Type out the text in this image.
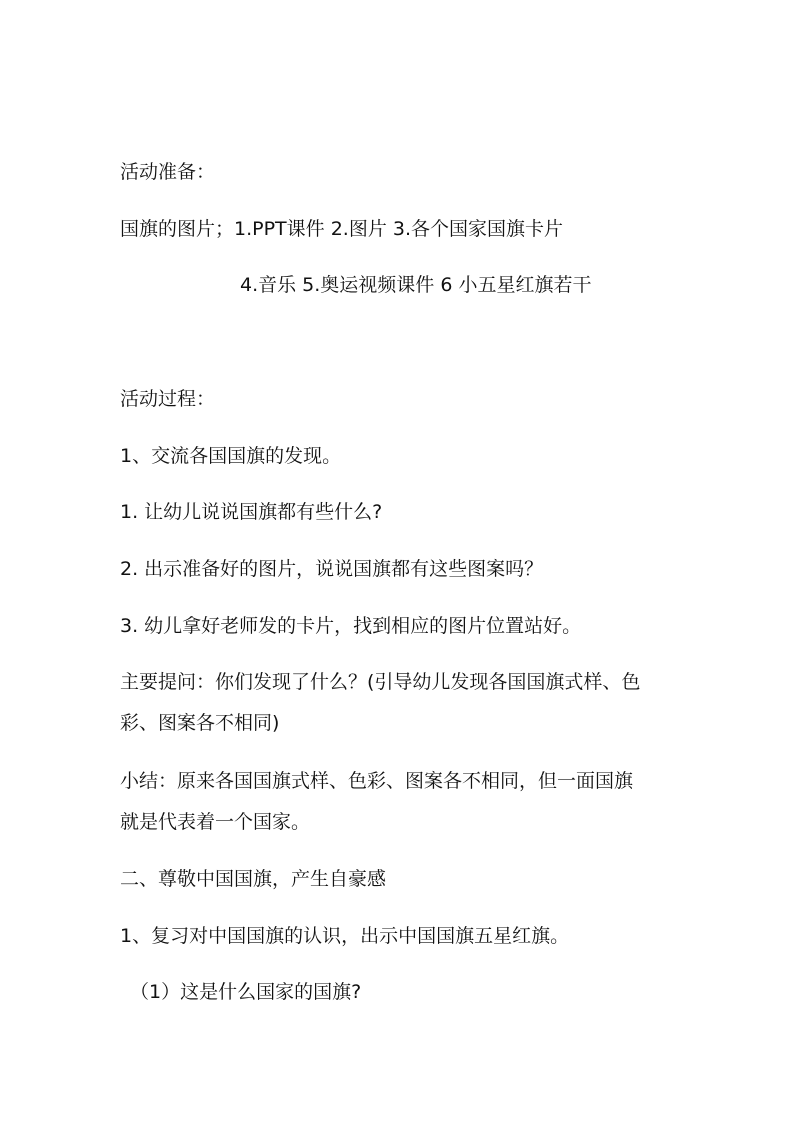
活动准备：

国旗的图片；1.PPT课件 2.图片 3.各个国家国旗卡片

4.音乐 5.奥运视频课件 6 小五星红旗若干

活动过程：

1、交流各国国旗的发现。

1. 让幼儿说说国旗都有些什么?

2. 出示准备好的图片，说说国旗都有这些图案吗？

3. 幼儿拿好老师发的卡片，找到相应的图片位置站好。

主要提问：你们发现了什么？(引导幼儿发现各国国旗式样、色

彩、图案各不相同)

小结：原来各国国旗式样、色彩、图案各不相同，但一面国旗

就是代表着一个国家。

二、尊敬中国国旗，产生自豪感

1、复习对中国国旗的认识，出示中国国旗五星红旗。

（1）这是什么国家的国旗?
